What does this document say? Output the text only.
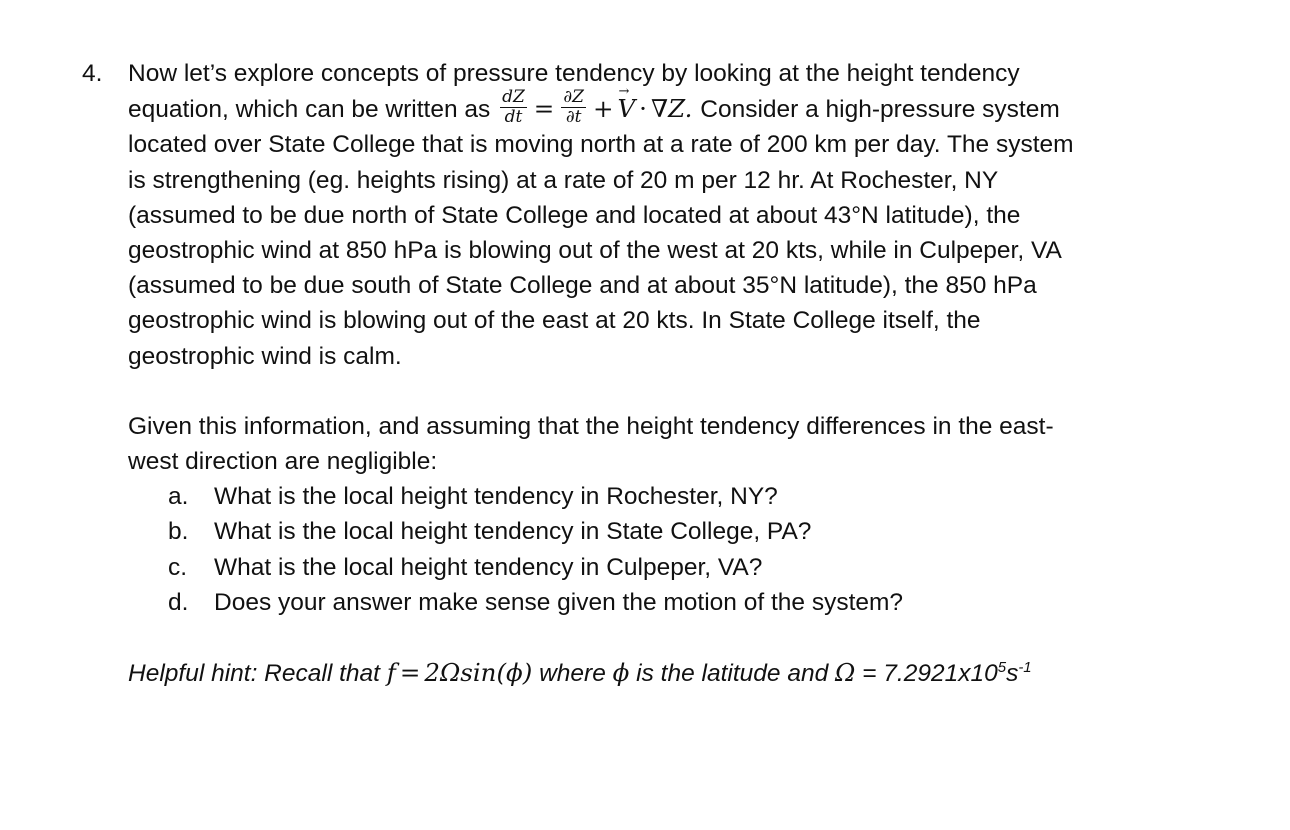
4.	Now let’s explore concepts of pressure tendency by looking at the height tendency
equation, which can be written as $\frac{dZ}{dt} = \frac{\partial Z}{\partial t} +\to V \cdot \nabla Z$. Consider a high-pressure system
located over State College that is moving north at a rate of 200 km per day. The system
is strengthening (eg. heights rising) at a rate of 20 m per 12 hr. At Rochester, NY
(assumed to be due north of State College and located at about 43°N latitude), the
geostrophic wind at 850 hPa is blowing out of the west at 20 kts, while in Culpeper, VA
(assumed to be due south of State College and at about 35°N latitude), the 850 hPa
geostrophic wind is blowing out of the east at 20 kts. In State College itself, the
geostrophic wind is calm.
Given this information, and assuming that the height tendency differences in the east-
west direction are negligible:
a.	What is the local height tendency in Rochester, NY?
b.	What is the local height tendency in State College, PA?
c.	What is the local height tendency in Culpeper, VA?
d.	Does your answer make sense given the motion of the system?
Helpful hint: Recall that f = 2Ωsin(ϕ) where ϕ is the latitude and $\Omega = 7.2921x10^5s^{-1}$
